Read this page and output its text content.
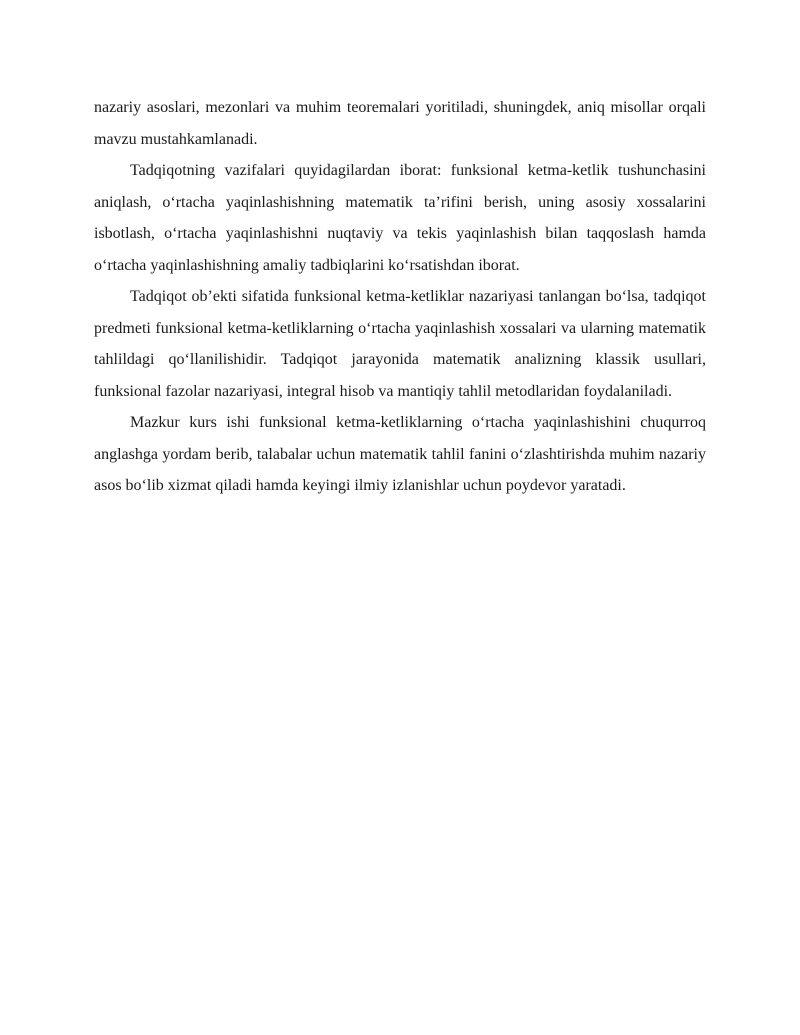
nazariy asoslari, mezonlari va muhim teoremalari yoritiladi, shuningdek, aniq misollar orqali mavzu mustahkamlanadi.

Tadqiqotning vazifalari quyidagilardan iborat: funksional ketma-ketlik tushunchasini aniqlash, o‘rtacha yaqinlashishning matematik ta’rifini berish, uning asosiy xossalarini isbotlash, o‘rtacha yaqinlashishni nuqtaviy va tekis yaqinlashish bilan taqqoslash hamda o‘rtacha yaqinlashishning amaliy tadbiqlarini ko‘rsatishdan iborat.

Tadqiqot ob’ekti sifatida funksional ketma-ketliklar nazariyasi tanlangan bo‘lsa, tadqiqot predmeti funksional ketma-ketliklarning o‘rtacha yaqinlashish xossalari va ularning matematik tahlildagi qo‘llanilishidir. Tadqiqot jarayonida matematik analizning klassik usullari, funksional fazolar nazariyasi, integral hisob va mantiqiy tahlil metodlaridan foydalaniladi.

Mazkur kurs ishi funksional ketma-ketliklarning o‘rtacha yaqinlashishini chuqurroq anglashga yordam berib, talabalar uchun matematik tahlil fanini o‘zlashtirishda muhim nazariy asos bo‘lib xizmat qiladi hamda keyingi ilmiy izlanishlar uchun poydevor yaratadi.
